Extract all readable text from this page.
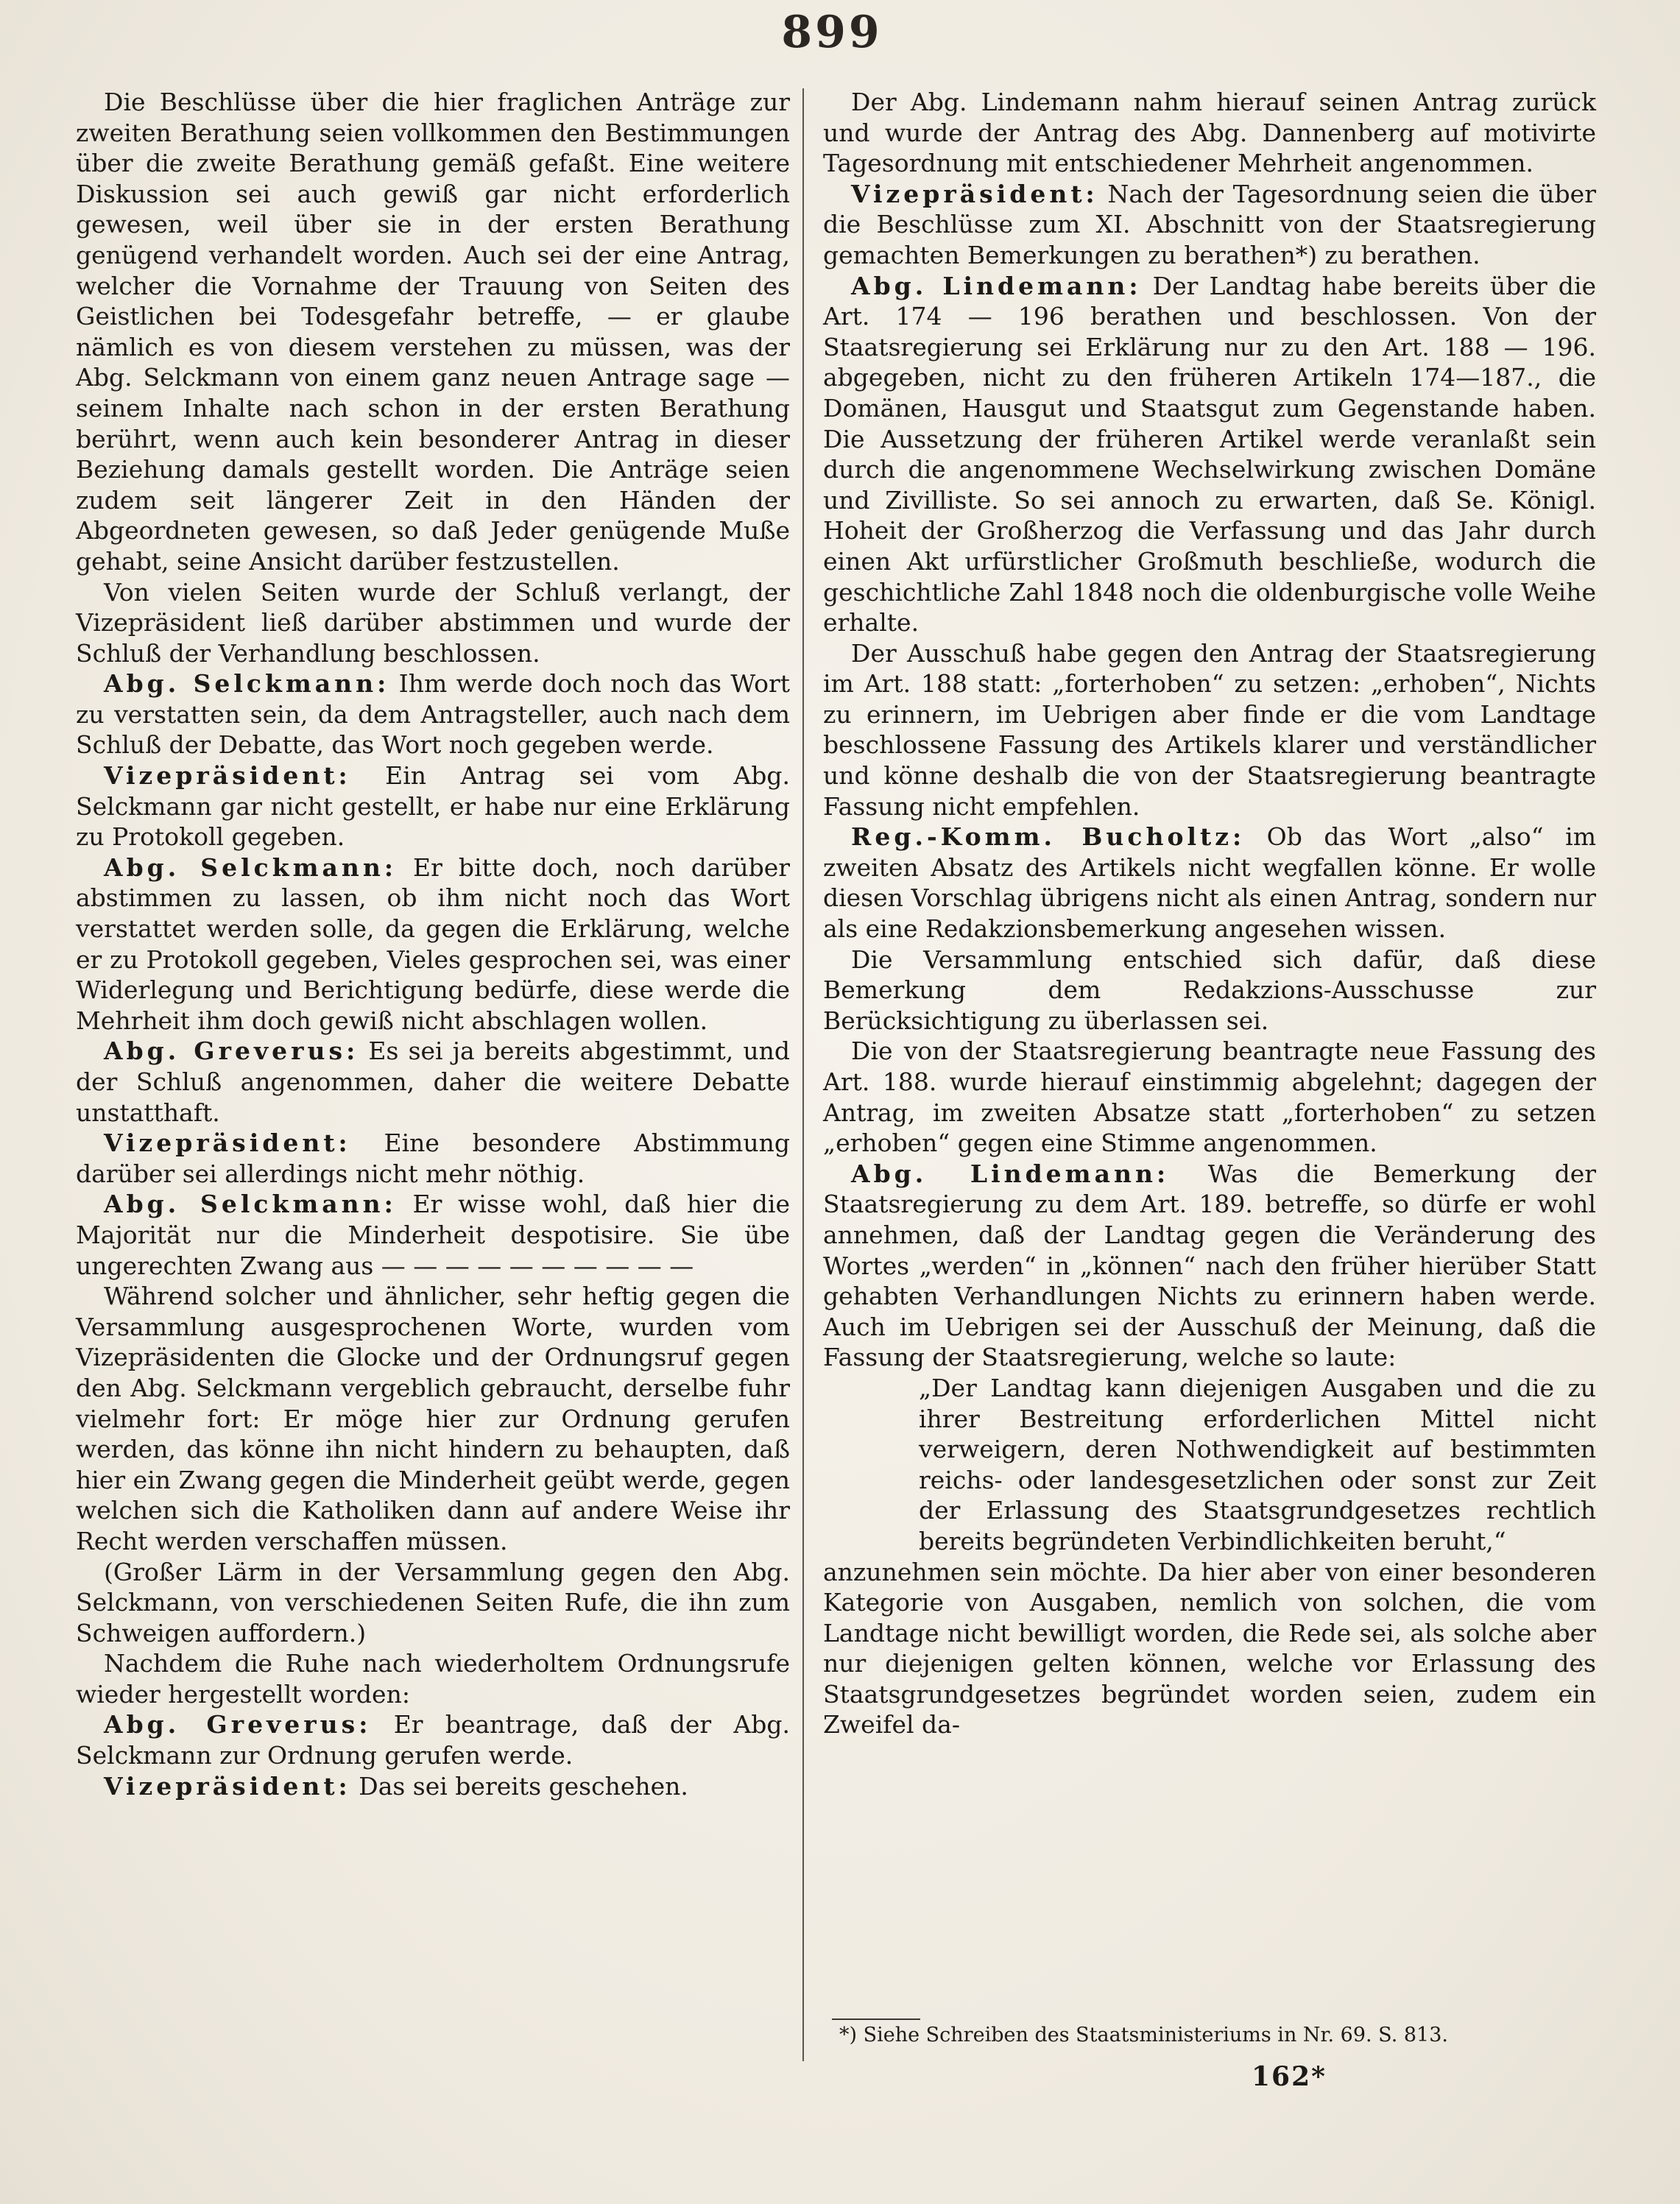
899

Die Beschlüsse über die hier fraglichen Anträge zur zweiten Berathung seien vollkommen den Bestimmungen über die zweite Berathung gemäß gefaßt. Eine weitere Diskussion sei auch gewiß gar nicht erforderlich gewesen, weil über sie in der ersten Berathung genügend verhandelt worden. Auch sei der eine Antrag, welcher die Vornahme der Trauung von Seiten des Geistlichen bei Todesgefahr betreffe, — er glaube nämlich es von diesem verstehen zu müssen, was der Abg. Selckmann von einem ganz neuen Antrage sage — seinem Inhalte nach schon in der ersten Berathung berührt, wenn auch kein besonderer Antrag in dieser Beziehung damals gestellt worden. Die Anträge seien zudem seit längerer Zeit in den Händen der Abgeordneten gewesen, so daß Jeder genügende Muße gehabt, seine Ansicht darüber festzustellen.

Von vielen Seiten wurde der Schluß verlangt, der Vizepräsident ließ darüber abstimmen und wurde der Schluß der Verhandlung beschlossen.

Abg. Selckmann: Ihm werde doch noch das Wort zu verstatten sein, da dem Antragsteller, auch nach dem Schluß der Debatte, das Wort noch gegeben werde.

Vizepräsident: Ein Antrag sei vom Abg. Selckmann gar nicht gestellt, er habe nur eine Erklärung zu Protokoll gegeben.

Abg. Selckmann: Er bitte doch, noch darüber abstimmen zu lassen, ob ihm nicht noch das Wort verstattet werden solle, da gegen die Erklärung, welche er zu Protokoll gegeben, Vieles gesprochen sei, was einer Widerlegung und Berichtigung bedürfe, diese werde die Mehrheit ihm doch gewiß nicht abschlagen wollen.

Abg. Greverus: Es sei ja bereits abgestimmt, und der Schluß angenommen, daher die weitere Debatte unstatthaft.

Vizepräsident: Eine besondere Abstimmung darüber sei allerdings nicht mehr nöthig.

Abg. Selckmann: Er wisse wohl, daß hier die Majorität nur die Minderheit despotisire. Sie übe ungerechten Zwang aus — — — — — — — — — —

Während solcher und ähnlicher, sehr heftig gegen die Versammlung ausgesprochenen Worte, wurden vom Vizepräsidenten die Glocke und der Ordnungsruf gegen den Abg. Selckmann vergeblich gebraucht, derselbe fuhr vielmehr fort: Er möge hier zur Ordnung gerufen werden, das könne ihn nicht hindern zu behaupten, daß hier ein Zwang gegen die Minderheit geübt werde, gegen welchen sich die Katholiken dann auf andere Weise ihr Recht werden verschaffen müssen.

(Großer Lärm in der Versammlung gegen den Abg. Selckmann, von verschiedenen Seiten Rufe, die ihn zum Schweigen auffordern.)

Nachdem die Ruhe nach wiederholtem Ordnungsrufe wieder hergestellt worden:

Abg. Greverus: Er beantrage, daß der Abg. Selckmann zur Ordnung gerufen werde.

Vizepräsident: Das sei bereits geschehen.

Der Abg. Lindemann nahm hierauf seinen Antrag zurück und wurde der Antrag des Abg. Dannenberg auf motivirte Tagesordnung mit entschiedener Mehrheit angenommen.

Vizepräsident: Nach der Tagesordnung seien die über die Beschlüsse zum XI. Abschnitt von der Staatsregierung gemachten Bemerkungen zu berathen*) zu berathen.

Abg. Lindemann: Der Landtag habe bereits über die Art. 174 — 196 berathen und beschlossen. Von der Staatsregierung sei Erklärung nur zu den Art. 188 — 196. abgegeben, nicht zu den früheren Artikeln 174—187., die Domänen, Hausgut und Staatsgut zum Gegenstande haben. Die Aussetzung der früheren Artikel werde veranlaßt sein durch die angenommene Wechselwirkung zwischen Domäne und Zivilliste. So sei annoch zu erwarten, daß Se. Königl. Hoheit der Großherzog die Verfassung und das Jahr durch einen Akt urfürstlicher Großmuth beschließe, wodurch die geschichtliche Zahl 1848 noch die oldenburgische volle Weihe erhalte.

Der Ausschuß habe gegen den Antrag der Staatsregierung im Art. 188 statt: „forterhoben“ zu setzen: „erhoben“, Nichts zu erinnern, im Uebrigen aber finde er die vom Landtage beschlossene Fassung des Artikels klarer und verständlicher und könne deshalb die von der Staatsregierung beantragte Fassung nicht empfehlen.

Reg.-Komm. Bucholtz: Ob das Wort „also“ im zweiten Absatz des Artikels nicht wegfallen könne. Er wolle diesen Vorschlag übrigens nicht als einen Antrag, sondern nur als eine Redakzionsbemerkung angesehen wissen.

Die Versammlung entschied sich dafür, daß diese Bemerkung dem Redakzions-Ausschusse zur Berücksichtigung zu überlassen sei.

Die von der Staatsregierung beantragte neue Fassung des Art. 188. wurde hierauf einstimmig abgelehnt; dagegen der Antrag, im zweiten Absatze statt „forterhoben“ zu setzen „erhoben“ gegen eine Stimme angenommen.

Abg. Lindemann: Was die Bemerkung der Staatsregierung zu dem Art. 189. betreffe, so dürfe er wohl annehmen, daß der Landtag gegen die Veränderung des Wortes „werden“ in „können“ nach den früher hierüber Statt gehabten Verhandlungen Nichts zu erinnern haben werde. Auch im Uebrigen sei der Ausschuß der Meinung, daß die Fassung der Staatsregierung, welche so laute:

„Der Landtag kann diejenigen Ausgaben und die zu ihrer Bestreitung erforderlichen Mittel nicht verweigern, deren Nothwendigkeit auf bestimmten reichs- oder landesgesetzlichen oder sonst zur Zeit der Erlassung des Staatsgrundgesetzes rechtlich bereits begründeten Verbindlichkeiten beruht,“

anzunehmen sein möchte. Da hier aber von einer besonderen Kategorie von Ausgaben, nemlich von solchen, die vom Landtage nicht bewilligt worden, die Rede sei, als solche aber nur diejenigen gelten können, welche vor Erlassung des Staatsgrundgesetzes begründet worden seien, zudem ein Zweifel da-

*) Siehe Schreiben des Staatsministeriums in Nr. 69. S. 813.
162*
